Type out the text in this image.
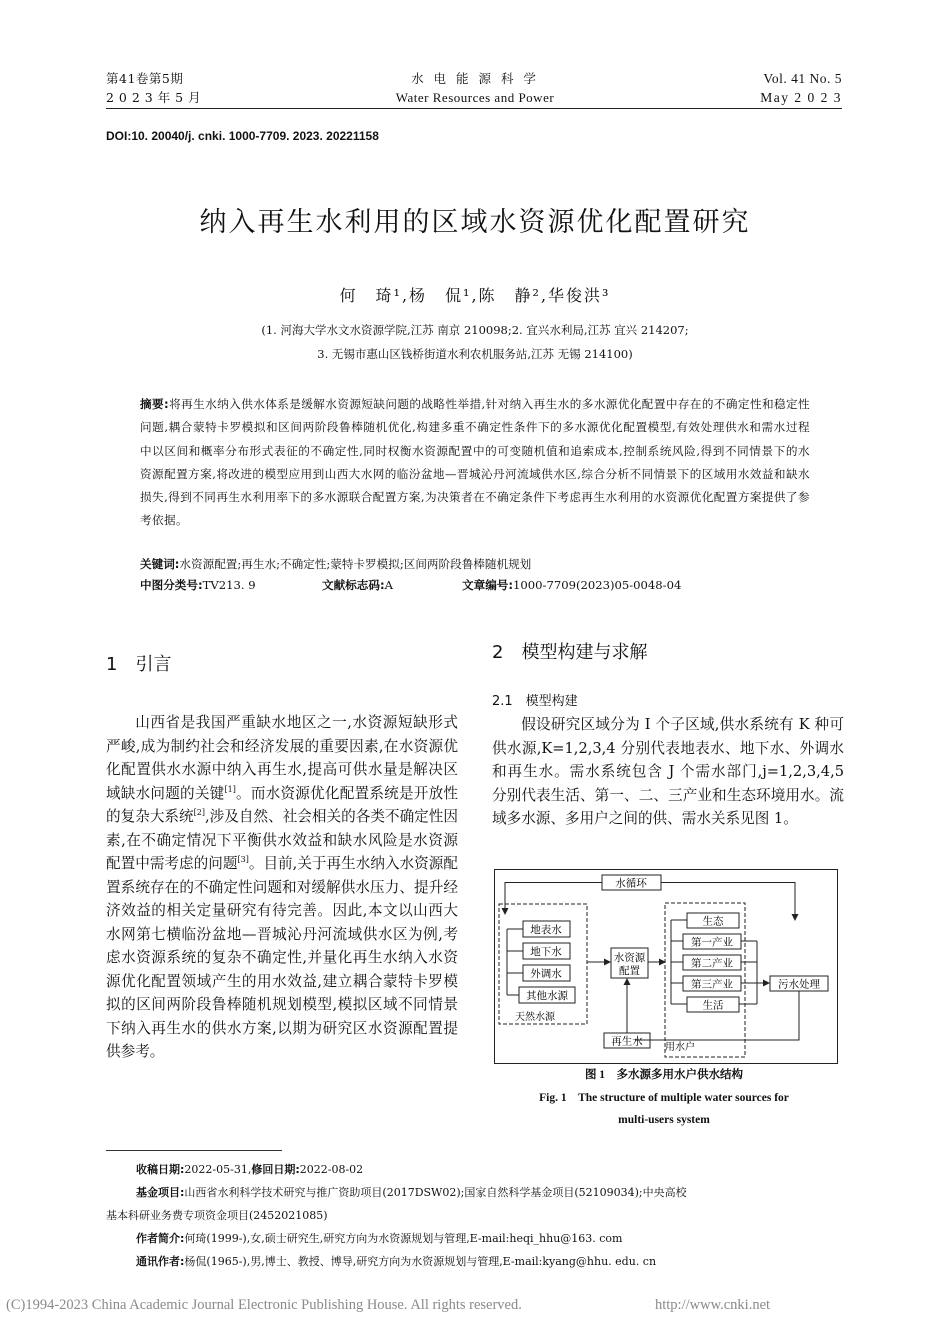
第41卷第5期
2 0 2 3 年 5 月
水 电 能 源 科 学
Water Resources and Power
Vol. 41 No. 5
May 2 0 2 3
DOI:10. 20040/j. cnki. 1000-7709. 2023. 20221158
纳入再生水利用的区域水资源优化配置研究
何　琦¹,杨　侃¹,陈　静²,华俊洪³
(1. 河海大学水文水资源学院,江苏 南京 210098;2. 宜兴水利局,江苏 宜兴 214207;
3. 无锡市惠山区钱桥街道水利农机服务站,江苏 无锡 214100)
摘要:将再生水纳入供水体系是缓解水资源短缺问题的战略性举措,针对纳入再生水的多水源优化配置中存在的不确定性和稳定性问题,耦合蒙特卡罗模拟和区间两阶段鲁棒随机优化,构建多重不确定性条件下的多水源优化配置模型,有效处理供水和需水过程中以区间和概率分布形式表征的不确定性,同时权衡水资源配置中的可变随机值和追索成本,控制系统风险,得到不同情景下的水资源配置方案,将改进的模型应用到山西大水网的临汾盆地—晋城沁丹河流域供水区,综合分析不同情景下的区域用水效益和缺水损失,得到不同再生水利用率下的多水源联合配置方案,为决策者在不确定条件下考虑再生水利用的水资源优化配置方案提供了参考依据。
关键词:水资源配置;再生水;不确定性;蒙特卡罗模拟;区间两阶段鲁棒随机规划
中图分类号:TV213. 9	文献标志码:A	文章编号:1000-7709(2023)05-0048-04
1　引言
山西省是我国严重缺水地区之一,水资源短缺形式严峻,成为制约社会和经济发展的重要因素,在水资源优化配置供水水源中纳入再生水,提高可供水量是解决区域缺水问题的关键[1]。而水资源优化配置系统是开放性的复杂大系统[2],涉及自然、社会相关的各类不确定性因素,在不确定情况下平衡供水效益和缺水风险是水资源配置中需考虑的问题[3]。目前,关于再生水纳入水资源配置系统存在的不确定性问题和对缓解供水压力、提升经济效益的相关定量研究有待完善。因此,本文以山西大水网第七横临汾盆地—晋城沁丹河流域供水区为例,考虑水资源系统的复杂不确定性,并量化再生水纳入水资源优化配置领域产生的用水效益,建立耦合蒙特卡罗模拟的区间两阶段鲁棒随机规划模型,模拟区域不同情景下纳入再生水的供水方案,以期为研究区水资源配置提供参考。
2　模型构建与求解
2.1　模型构建
假设研究区域分为 I 个子区域,供水系统有 K 种可供水源,K=1,2,3,4 分别代表地表水、地下水、外调水和再生水。需水系统包含 J 个需水部门,j=1,2,3,4,5 分别代表生活、第一、二、三产业和生态环境用水。流域多水源、多用户之间的供、需水关系见图 1。
水循环
地表水
地下水
外调水
其他水源
天然水源
水资源
配置
生态
第一产业
第二产业
第三产业
生活
用水户
污水处理
再生水
图 1　多水源多用水户供水结构
Fig. 1　The structure of multiple water sources for
multi-users system
收稿日期:2022-05-31,修回日期:2022-08-02
基金项目:山西省水利科学技术研究与推广资助项目(2017DSW02);国家自然科学基金项目(52109034);中央高校
基本科研业务费专项资金项目(2452021085)
作者简介:何琦(1999-),女,硕士研究生,研究方向为水资源规划与管理,E-mail:heqi_hhu@163. com
通讯作者:杨侃(1965-),男,博士、教授、博导,研究方向为水资源规划与管理,E-mail:kyang@hhu. edu. cn
(C)1994-2023 China Academic Journal Electronic Publishing House. All rights reserved.	http://www.cnki.net
